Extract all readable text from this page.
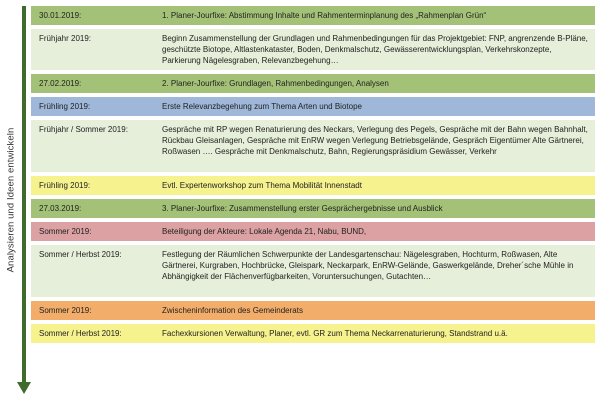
Analysieren und Ideen entwickeln
30.01.2019:	1. Planer-Jourfixe: Abstimmung Inhalte und Rahmenterminplanung des „Rahmenplan Grün“
Frühjahr 2019:	Beginn Zusammenstellung der Grundlagen und Rahmenbedingungen für das Projektgebiet: FNP, angrenzende B-Pläne, geschützte Biotope, Altlastenkataster, Boden, Denkmalschutz, Gewässerentwicklungsplan, Verkehrskonzepte, Parkierung Nägelesgraben, Relevanzbegehung…
27.02.2019:	2. Planer-Jourfixe: Grundlagen, Rahmenbedingungen, Analysen
Frühling 2019:	Erste Relevanzbegehung zum Thema Arten und Biotope
Frühjahr / Sommer 2019:	Gespräche mit RP wegen Renaturierung des Neckars, Verlegung des Pegels, Gespräche mit der Bahn wegen Bahnhalt, Rückbau Gleisanlagen, Gespräche mit EnRW wegen Verlegung Betriebsgelände, Gespräch Eigentümer Alte Gärtnerei, Roßwasen …. Gespräche mit Denkmalschutz, Bahn, Regierungspräsidium Gewässer, Verkehr
Frühling 2019:	Evtl. Expertenworkshop zum Thema Mobilität Innenstadt
27.03.2019:	3. Planer-Jourfixe: Zusammenstellung erster Gesprächergebnisse und Ausblick
Sommer 2019:	Beteiligung der Akteure: Lokale Agenda 21, Nabu, BUND,
Sommer / Herbst 2019:	Festlegung der Räumlichen Schwerpunkte der Landesgartenschau: Nägelesgraben, Hochturm, Roßwasen, Alte Gärtnerei, Kurgraben, Hochbrücke, Gleispark, Neckarpark, EnRW-Gelände, Gaswerkgelände, Dreher´sche Mühle in Abhängigkeit der Flächenverfügbarkeiten, Voruntersuchungen, Gutachten…
Sommer 2019:	Zwischeninformation des Gemeinderats
Sommer / Herbst 2019:	Fachexkursionen Verwaltung, Planer, evtl. GR zum Thema Neckarrenaturierung, Standstrand u.ä.
